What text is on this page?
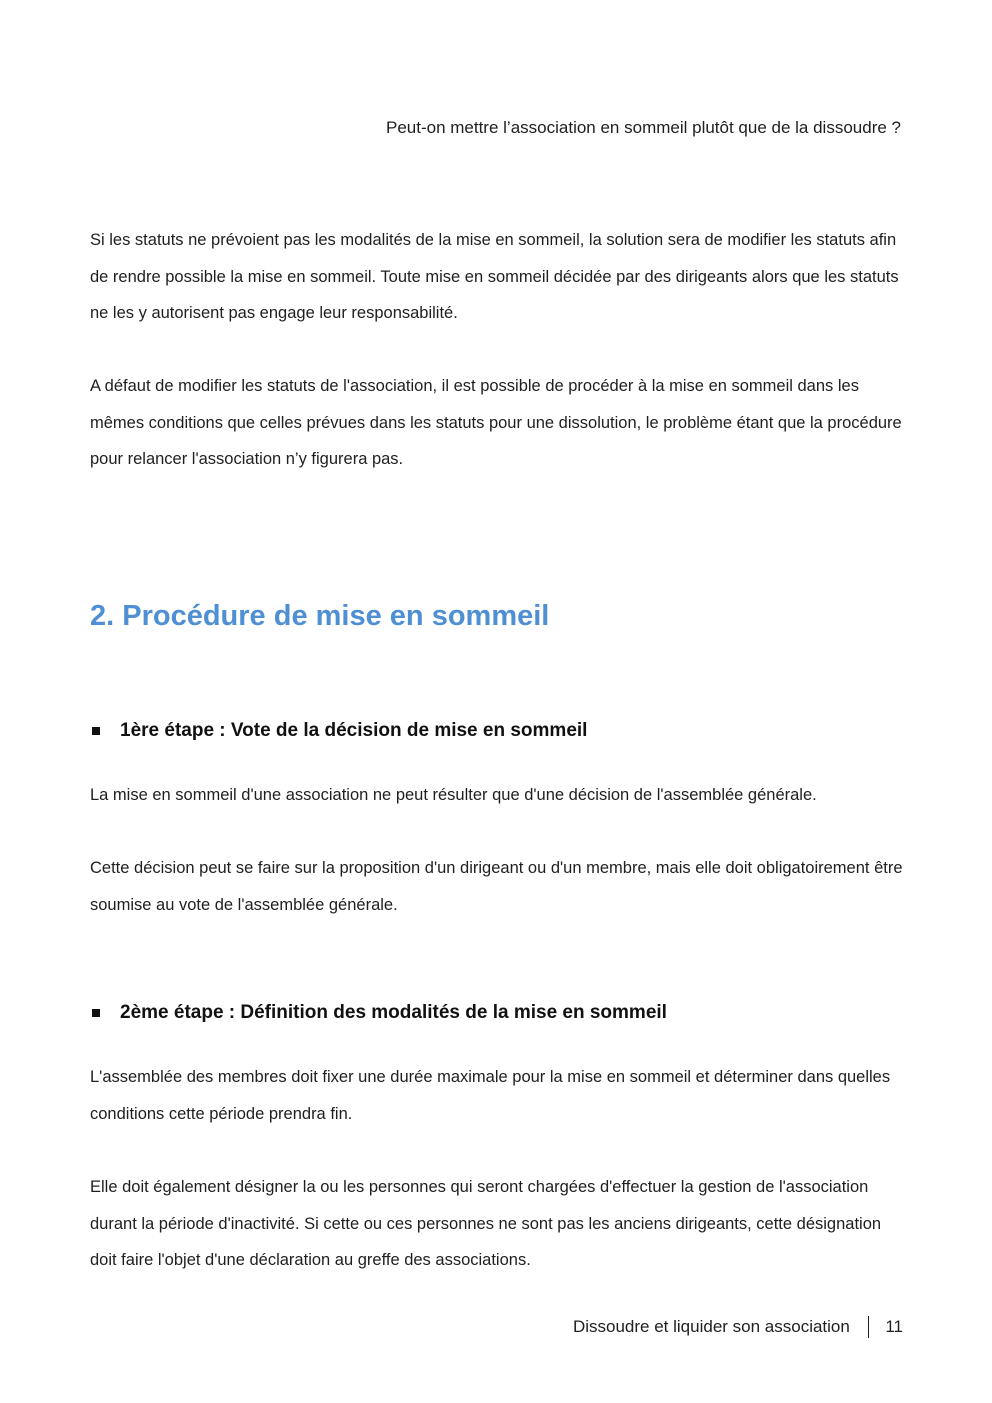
Peut-on mettre l’association en sommeil plutôt que de la dissoudre ?

Si les statuts ne prévoient pas les modalités de la mise en sommeil, la solution sera de modifier les statuts afin de rendre possible la mise en sommeil. Toute mise en sommeil décidée par des dirigeants alors que les statuts ne les y autorisent pas engage leur responsabilité.

A défaut de modifier les statuts de l'association, il est possible de procéder à la mise en sommeil dans les mêmes conditions que celles prévues dans les statuts pour une dissolution, le problème étant que la procédure pour relancer l'association n’y figurera pas.

2. Procédure de mise en sommeil
1ère étape : Vote de la décision de mise en sommeil

La mise en sommeil d'une association ne peut résulter que d'une décision de l'assemblée générale.

Cette décision peut se faire sur la proposition d'un dirigeant ou d'un membre, mais elle doit obligatoirement être soumise au vote de l'assemblée générale.

2ème étape : Définition des modalités de la mise en sommeil

L'assemblée des membres doit fixer une durée maximale pour la mise en sommeil et déterminer dans quelles conditions cette période prendra fin.

Elle doit également désigner la ou les personnes qui seront chargées d'effectuer la gestion de l'association durant la période d'inactivité. Si cette ou ces personnes ne sont pas les anciens dirigeants, cette désignation doit faire l'objet d'une déclaration au greffe des associations.

Dissoudre et liquider son association 11
